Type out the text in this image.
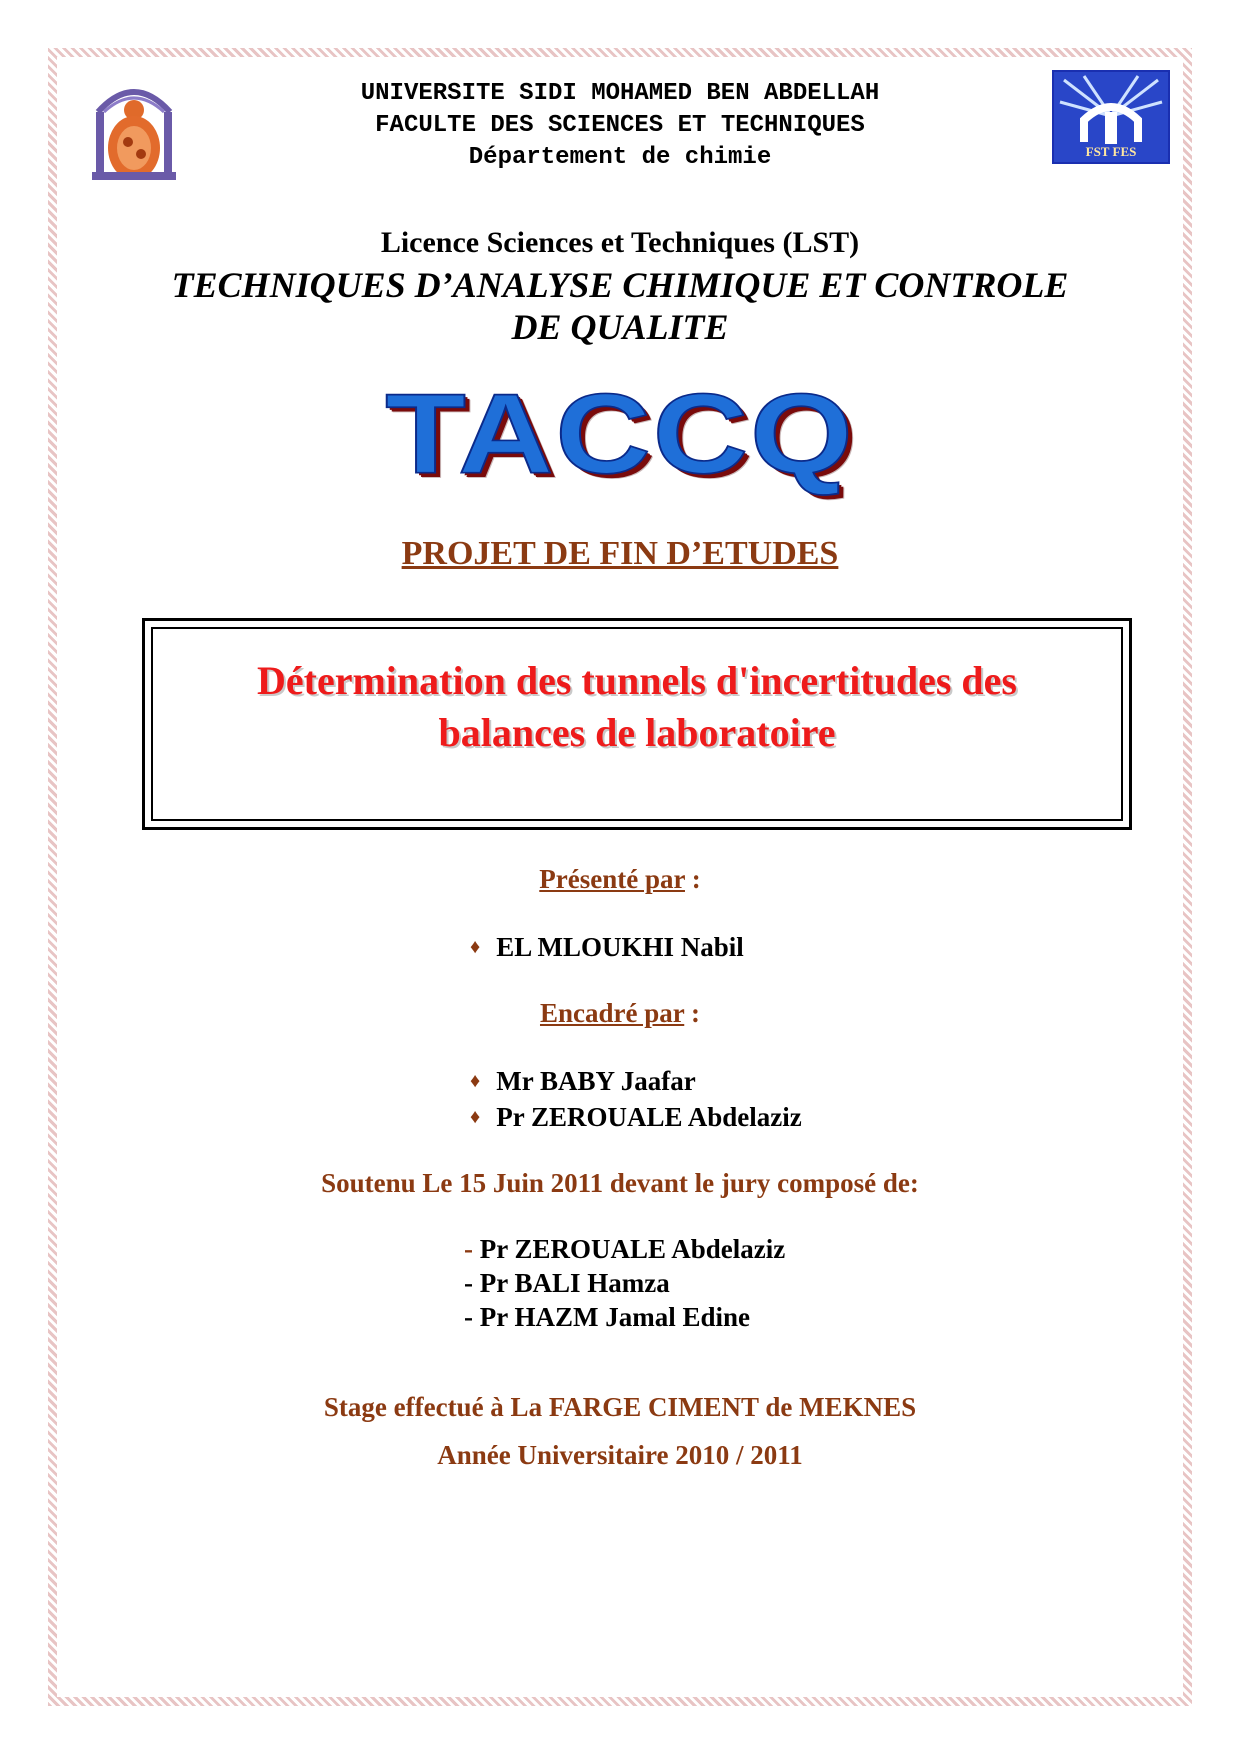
UNIVERSITE SIDI MOHAMED BEN ABDELLAH
FACULTE DES SCIENCES ET TECHNIQUES
Département de chimie	FST FES
Licence Sciences et Techniques (LST)
TECHNIQUES D’ANALYSE CHIMIQUE ET CONTROLE
DE QUALITE
TACCQ
PROJET DE FIN D’ETUDES
Détermination des tunnels d'incertitudes des
balances de laboratoire
Présenté par :
♦ EL MLOUKHI Nabil
Encadré par :
♦ Mr BABY Jaafar
♦ Pr ZEROUALE Abdelaziz
Soutenu Le 15 Juin 2011 devant le jury composé de:
- Pr ZEROUALE Abdelaziz
- Pr BALI Hamza
- Pr HAZM Jamal Edine
Stage effectué à La FARGE CIMENT de MEKNES
Année Universitaire 2010 / 2011
